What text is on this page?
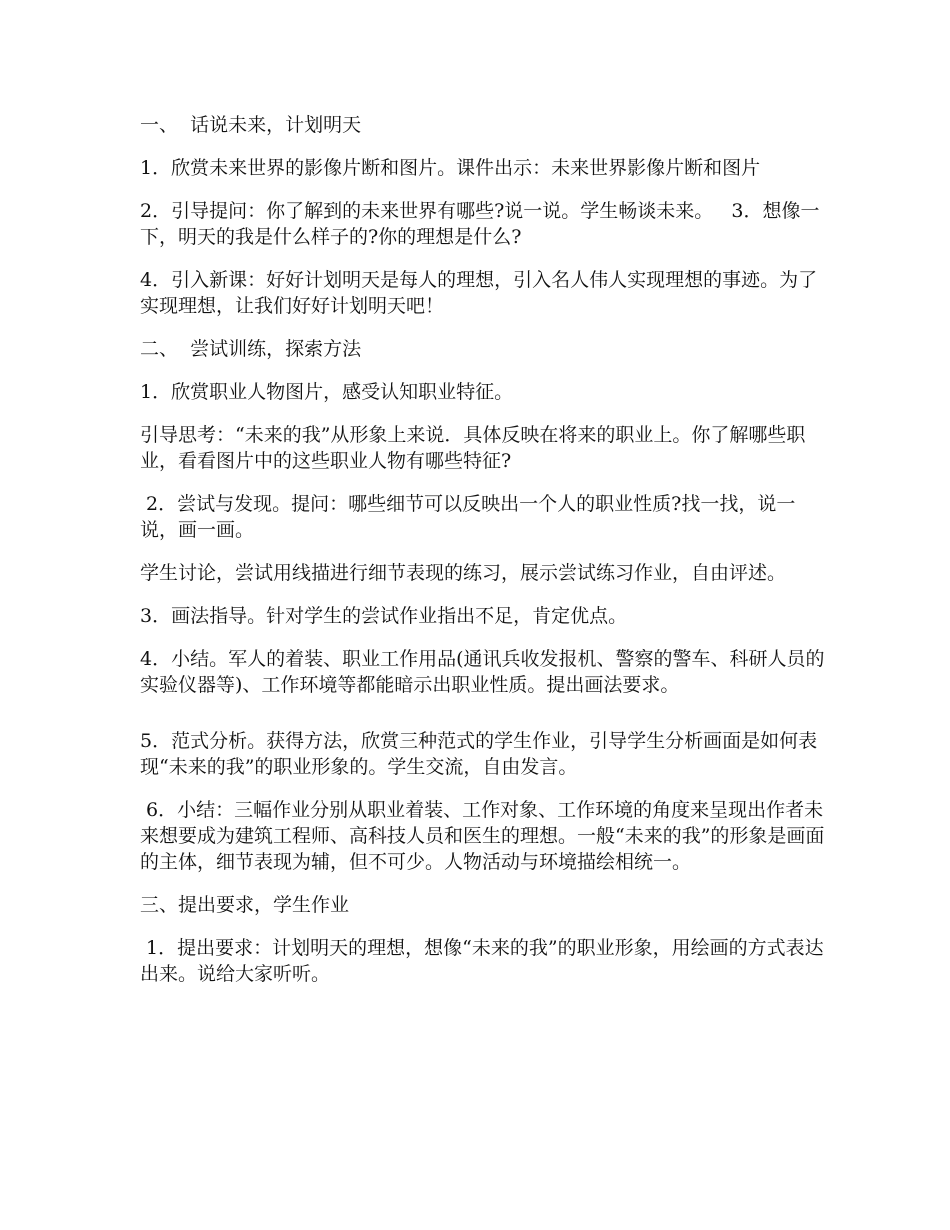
一、  话说未来，计划明天

1．欣赏未来世界的影像片断和图片。课件出示：未来世界影像片断和图片

2．引导提问：你了解到的未来世界有哪些?说一说。学生畅谈未来。   3．想像一下，明天的我是什么样子的?你的理想是什么?

4．引入新课：好好计划明天是每人的理想，引入名人伟人实现理想的事迹。为了实现理想，让我们好好计划明天吧！

二、  尝试训练，探索方法

1．欣赏职业人物图片，感受认知职业特征。

引导思考：“未来的我”从形象上来说．具体反映在将来的职业上。你了解哪些职业，看看图片中的这些职业人物有哪些特征?

2．尝试与发现。提问：哪些细节可以反映出一个人的职业性质?找一找，说一说，画一画。

学生讨论，尝试用线描进行细节表现的练习，展示尝试练习作业，自由评述。

3．画法指导。针对学生的尝试作业指出不足，肯定优点。

4．小结。军人的着装、职业工作用品(通讯兵收发报机、警察的警车、科研人员的实验仪器等)、工作环境等都能暗示出职业性质。提出画法要求。

5．范式分析。获得方法，欣赏三种范式的学生作业，引导学生分析画面是如何表现“未来的我”的职业形象的。学生交流，自由发言。

6．小结：三幅作业分别从职业着装、工作对象、工作环境的角度来呈现出作者未来想要成为建筑工程师、高科技人员和医生的理想。一般“未来的我”的形象是画面的主体，细节表现为辅，但不可少。人物活动与环境描绘相统一。

三、提出要求，学生作业

1．提出要求：计划明天的理想，想像“未来的我”的职业形象，用绘画的方式表达出来。说给大家听听。
